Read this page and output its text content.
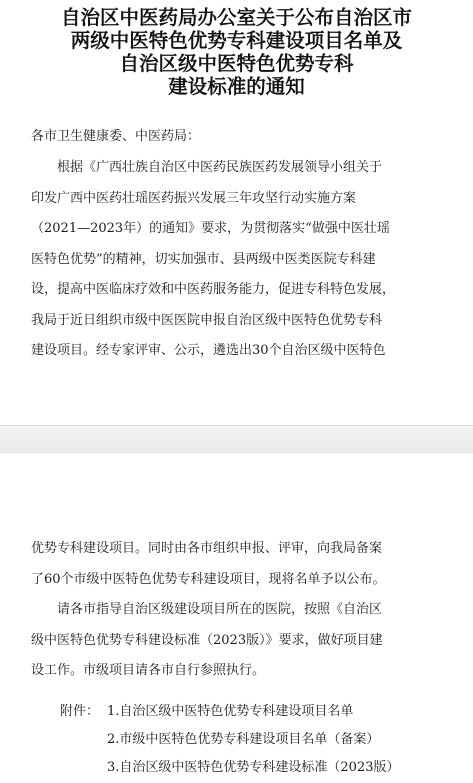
自治区中医药局办公室关于公布自治区市
两级中医特色优势专科建设项目名单及
自治区级中医特色优势专科
建设标准的通知
各市卫生健康委、中医药局：
　　根据《广西壮族自治区中医药民族医药发展领导小组关于
印发广西中医药壮瑶医药振兴发展三年攻坚行动实施方案
（2021—2023年）的通知》要求，为贯彻落实“做强中医壮瑶
医特色优势”的精神，切实加强市、县两级中医类医院专科建
设，提高中医临床疗效和中医药服务能力，促进专科特色发展，
我局于近日组织市级中医医院申报自治区级中医特色优势专科
建设项目。经专家评审、公示，遴选出30个自治区级中医特色
优势专科建设项目。同时由各市组织申报、评审，向我局备案
了60个市级中医特色优势专科建设项目，现将名单予以公布。
　　请各市指导自治区级建设项目所在的医院，按照《自治区
级中医特色优势专科建设标准（2023版）》要求，做好项目建
设工作。市级项目请各市自行参照执行。
附件： 1.自治区级中医特色优势专科建设项目名单
2.市级中医特色优势专科建设项目名单（备案）
3.自治区级中医特色优势专科建设标准（2023版）
